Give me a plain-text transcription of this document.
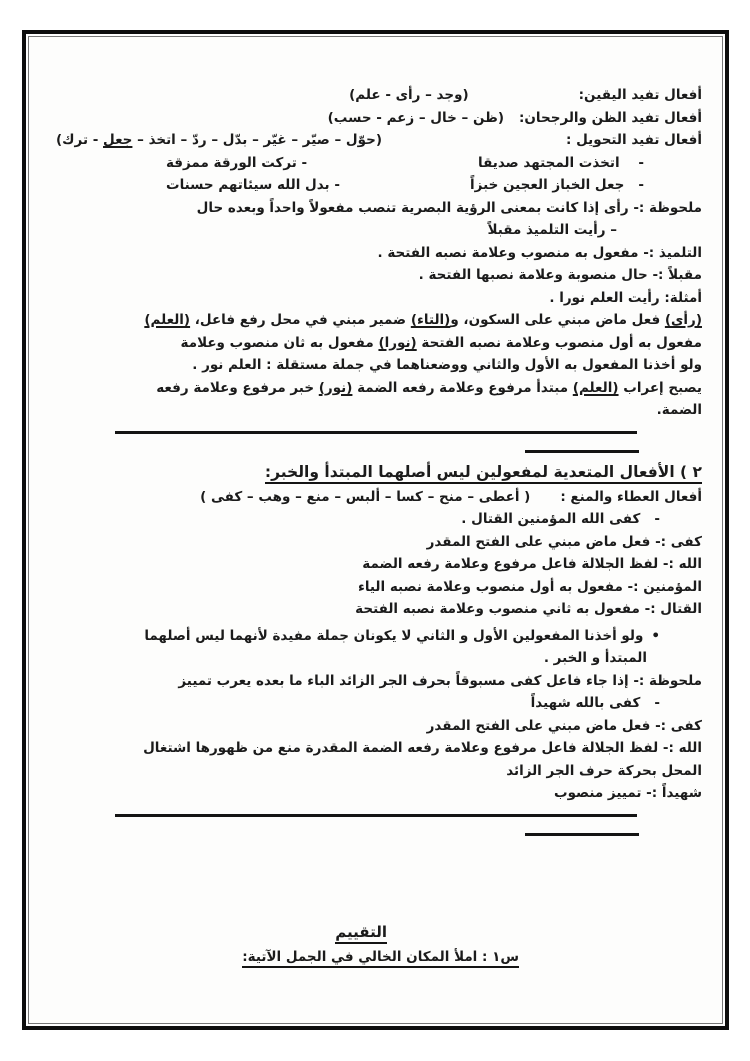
أفعال تفيد اليقين:
(وجد – رأى - علم)
أفعال تفيد الظن والرجحان:
(ظن – خال – زعم - حسب)
أفعال تفيد التحويل :
(حوّل – صيّر – غيّر – بدّل – ردّ – اتخذ – جعل - ترك)
-    اتخذت المجتهد صديقا
- تركت الورقة ممزقة
-   جعل الخباز العجين خبزاً
- بدل الله سيئاتهم حسنات
ملحوظة :- رأى إذا كانت بمعنى الرؤية البصرية تنصب مفعولاً واحداً وبعده حال
– رأيت التلميذ مقبلاً
التلميذ :- مفعول به منصوب وعلامة نصبه الفتحة .
مقبلاً :- حال منصوبة وعلامة نصبها الفتحة .
أمثلة: رأيت العلم نورا .
(رأى) فعل ماض مبني على السكون، و(التاء) ضمير مبني في محل رفع فاعل، (العلم)
مفعول به أول منصوب وعلامة نصبه الفتحة (نورا) مفعول به ثان منصوب وعلامة
ولو أخذنا المفعول به الأول والثاني ووضعناهما في جملة مستقلة : العلم نور .
يصبح إعراب (العلم) مبتدأ مرفوع وعلامة رفعه الضمة (نور) خبر مرفوع وعلامة رفعه
الضمة.
٢ ) الأفعال المتعدية لمفعولين ليس أصلهما المبتدأ والخبر:
أفعال العطاء والمنع :
( أعطى – منح – كسا – ألبس – منع – وهب – كفى )
-   كفى الله المؤمنين القتال .
كفى :- فعل ماض مبني على الفتح المقدر
الله :- لفظ الجلالة فاعل مرفوع وعلامة رفعه الضمة
المؤمنين :- مفعول به أول منصوب وعلامة نصبه الياء
القتال :- مفعول به ثاني منصوب وعلامة نصبه الفتحة
•ولو أخذنا المفعولين الأول و الثاني لا يكونان جملة مفيدة لأنهما ليس أصلهما
المبتدأ و الخبر .
ملحوظة :- إذا جاء فاعل كفى مسبوقاً بحرف الجر الزائد الباء ما بعده يعرب تمييز
-   كفى بالله شهيداً
كفى :- فعل ماض مبني على الفتح المقدر
الله :- لفظ الجلالة فاعل مرفوع وعلامة رفعه الضمة المقدرة منع من ظهورها اشتغال
المحل بحركة حرف الجر الزائد
شهيداً :- تمييز منصوب
التقييم
س١ : املأ المكان الخالي في الجمل الآتية:
